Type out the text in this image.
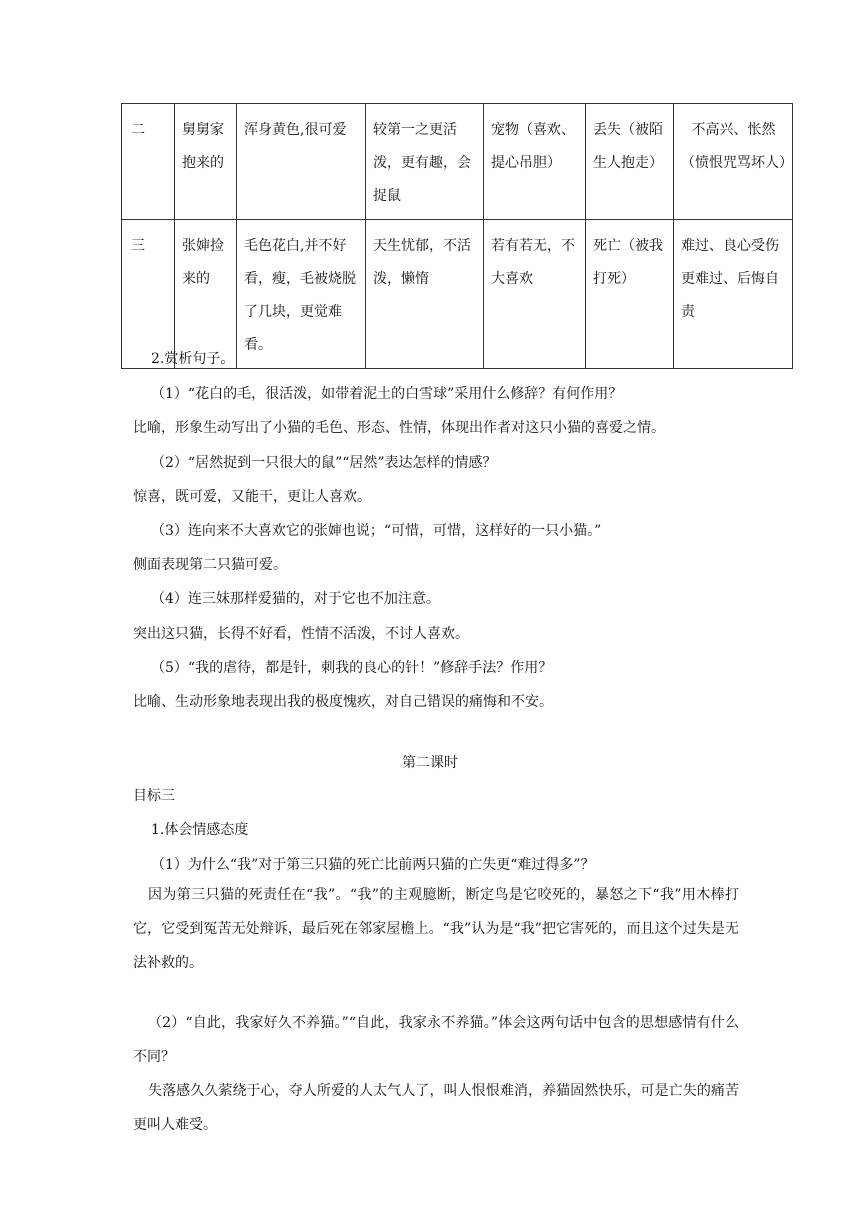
二	舅舅家抱来的	浑身黄色,很可爱	较第一之更活泼，更有趣，会捉鼠	宠物（喜欢、提心吊胆）	丢失（被陌生人抱走）	不高兴、怅然（愤恨咒骂坏人）
三	张婶捡来的	毛色花白,并不好看，瘦，毛被烧脱了几块，更觉难看。	天生忧郁，不活泼，懒惰	若有若无，不大喜欢	死亡（被我打死）	难过、良心受伤更难过、后悔自责
2.赏析句子。
（1）“花白的毛，很活泼，如带着泥土的白雪球”采用什么修辞？有何作用？
比喻，形象生动写出了小猫的毛色、形态、性情，体现出作者对这只小猫的喜爱之情。
（2）“居然捉到一只很大的鼠”“居然”表达怎样的情感？
惊喜，既可爱，又能干，更让人喜欢。
（3）连向来不大喜欢它的张婶也说；“可惜，可惜，这样好的一只小猫。”
侧面表现第二只猫可爱。
（4）连三妹那样爱猫的，对于它也不加注意。
突出这只猫，长得不好看，性情不活泼，不讨人喜欢。
（5）“我的虐待，都是针，刺我的良心的针！”修辞手法？作用？
比喻、生动形象地表现出我的极度愧疚，对自己错误的痛悔和不安。
第二课时
目标三
1.体会情感态度
（1）为什么“我”对于第三只猫的死亡比前两只猫的亡失更“难过得多”？
因为第三只猫的死责任在“我”。“我”的主观臆断，断定鸟是它咬死的，暴怒之下“我”用木棒打它，它受到冤苦无处辩诉，最后死在邻家屋檐上。“我”认为是“我”把它害死的，而且这个过失是无法补救的。
（2）“自此，我家好久不养猫。”“自此，我家永不养猫。”体会这两句话中包含的思想感情有什么不同？
失落感久久萦绕于心，夺人所爱的人太气人了，叫人恨恨难消，养猫固然快乐，可是亡失的痛苦更叫人难受。
